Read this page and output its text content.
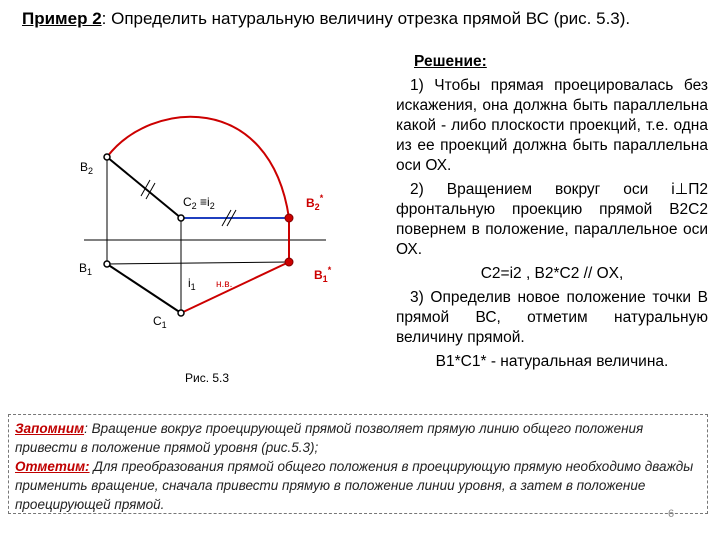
Пример 2: Определить натуральную величину отрезка прямой ВС (рис. 5.3).
$B_2$
$C_2 \equiv i_2$	$B_2^*$
$B_1$
$i_1$ н.в.
$B_1^*$
$C_1$
Рис. 5.3

Решение:

1) Чтобы прямая проецировалась без искажения, она должна быть параллельна какой - либо плоскости проекций, т.е. одна из ее проекций должна быть параллельна оси ОХ.

2) Вращением вокруг оси i⊥П2 фронтальную проекцию прямой В2С2 повернем в положение, параллельное оси ОХ.

С2=i2 , B2*C2 // OX,

3) Определив новое положение точки В прямой ВС, отметим натуральную величину прямой.

B1*C1* - натуральная величина.

Запомним: Вращение вокруг проецирующей прямой позволяет прямую линию общего положения привести в положение прямой уровня (рис.5.3);

Отметим: Для преобразования прямой общего положения в проецирующую прямую необходимо дважды применить вращение, сначала привести прямую в положение линии уровня, а затем в положение проецирующей прямой.

6
